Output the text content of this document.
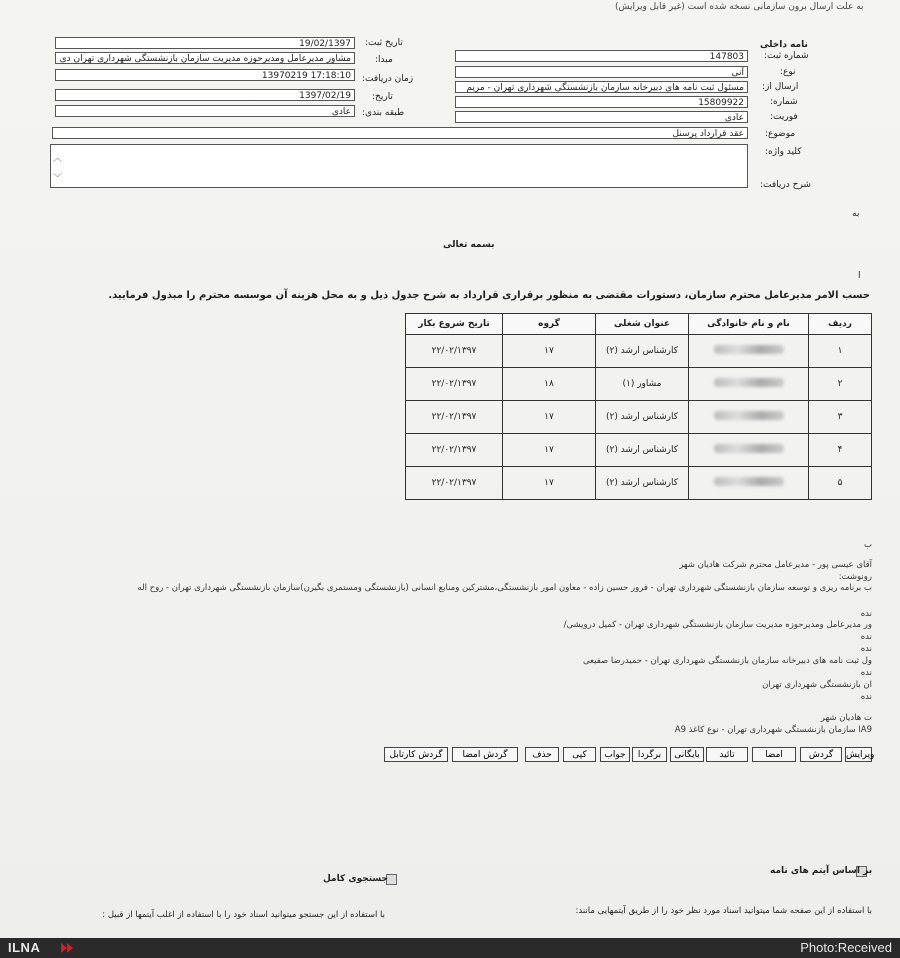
به علت ارسال برون سازمانی نسخه شده است (غیر قابل ویرایش)
نامه داخلی
147803	شماره ثبت:
آنی	نوع:
مسئول ثبت نامه های دبیرخانه سازمان بازنشستگی شهرداری تهران - مریم	ارسال از:
15809922	شماره:
عادی	فوریت:
19/02/1397	تاریخ ثبت:
مشاور مدیرعامل ومدیرحوزه مدیریت سازمان بازنشستگی شهرداری تهران دی	مبدا:
17:18:10 13970219	زمان دریافت:
1397/02/19	تاریخ:
عادی	طبقه بندی:
عقد قرارداد پرسنل	موضوع:
︿
﹀
کلید واژه:
شرح دریافت:
به
بسمه تعالی
ا
حسب الامر مدیرعامل محترم سازمان، دستورات مقتضی به منظور برقراری قرارداد به شرح جدول ذیل و به محل هزینه آن موسسه محترم را مبذول فرمایید.
ردیف	نام و نام خانوادگی	عنوان شغلی	گروه	تاریخ شروع بکار
۱		کارشناس ارشد (۲)	۱۷	۲۲/۰۲/۱۳۹۷
۲		مشاور (۱)	۱۸	۲۲/۰۲/۱۳۹۷
۳		کارشناس ارشد (۲)	۱۷	۲۲/۰۲/۱۳۹۷
۴		کارشناس ارشد (۲)	۱۷	۲۲/۰۲/۱۳۹۷
۵		کارشناس ارشد (۲)	۱۷	۲۲/۰۲/۱۳۹۷
ب
آقای عیسی پور - مدیرعامل محترم شرکت هادیان شهر
رونوشت:
ب برنامه ریزی و توسعه سازمان بازنشستگی شهرداری تهران - فرور حسین زاده - معاون امور بازنشستگی،مشترکین ومنابع انسانی (بازنشستگی ومستمری بگیرن)سازمان بازنشستگی شهرداری تهران - روح اله
نده
ور مدیرعامل ومدیرحوزه مدیریت سازمان بازنشستگی شهرداری تهران - کمیل درویشی/
نده
نده
ول ثبت نامه های دبیرخانه سازمان بازنشستگی شهرداری تهران - حمیدرضا صفیعی
نده
ان بازنشستگی شهرداری تهران
نده
ت هادیان شهر
A9ا سازمان بازنشستگی شهرداری تهران - نوع کاغذ A9
ویرایش
گردش
امضا
تائید
بایگانی
برگردا
جواب
کپی
حذف
گردش امضا
گردش کارتابل
بر اساس آیتم های نامه
با استفاده از این صفحه شما میتوانید اسناد مورد نظر خود را از طریق آیتمهایی مانند:
جستجوی کامل
با استفاده از این جستجو میتوانید اسناد خود را با استفاده از اغلب آیتمها از قبیل :
ILNA	Photo:Received
